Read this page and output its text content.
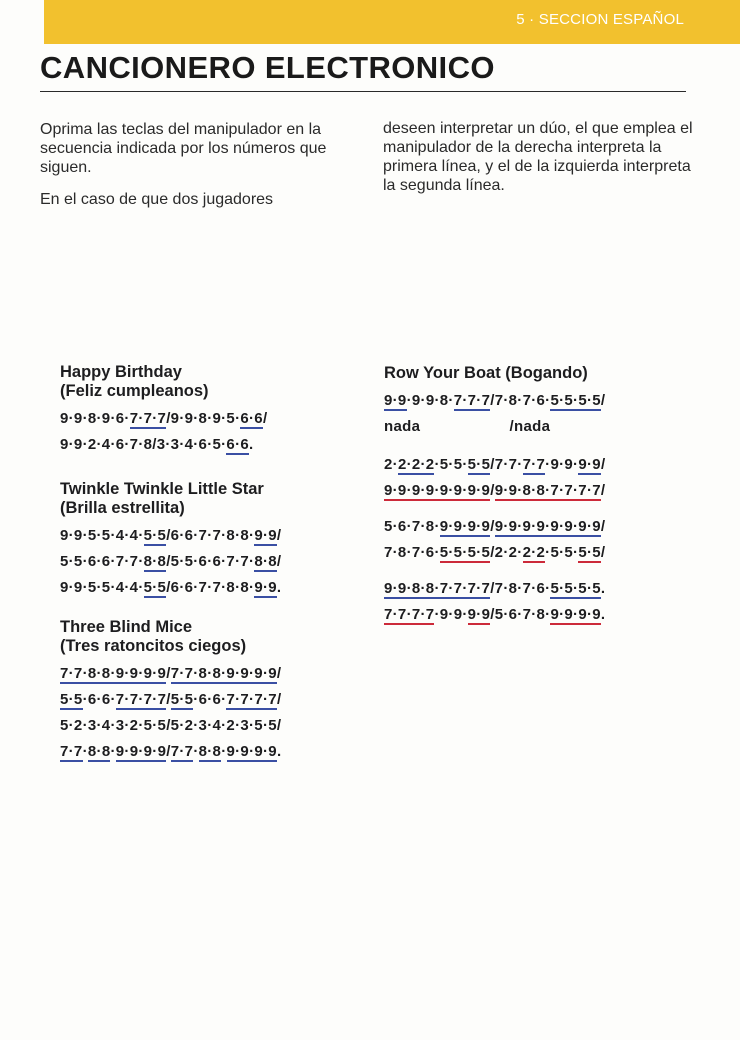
5 · SECCION ESPAÑOL
CANCIONERO ELECTRONICO

Oprima las teclas del manipulador en la secuencia indicada por los números que siguen.

En el caso de que dos jugadores

deseen interpretar un dúo, el que emplea el manipulador de la derecha interpreta la primera línea, y el de la izquierda interpreta la segunda línea.

Happy Birthday
(Feliz cumpleanos)
9·9·8·9·6·7·7·7/9·9·8·9·5·6·6/
9·9·2·4·6·7·8/3·3·4·6·5·6·6.
Twinkle Twinkle Little Star
(Brilla estrellita)
9·9·5·5·4·4·5·5/6·6·7·7·8·8·9·9/
5·5·6·6·7·7·8·8/5·5·6·6·7·7·8·8/
9·9·5·5·4·4·5·5/6·6·7·7·8·8·9·9.
Three Blind Mice
(Tres ratoncitos ciegos)
7·7·8·8·9·9·9·9/7·7·8·8·9·9·9·9/
5·5·6·6·7·7·7·7/5·5·6·6·7·7·7·7/
5·2·3·4·3·2·5·5/5·2·3·4·2·3·5·5/
7·7·8·8·9·9·9·9/7·7·8·8·9·9·9·9.
Row Your Boat (Bogando)
9·9·9·9·8·7·7·7/7·8·7·6·5·5·5·5/
nada                    /nada
2·2·2·2·5·5·5·5/7·7·7·7·9·9·9·9/
9·9·9·9·9·9·9·9/9·9·8·8·7·7·7·7/
5·6·7·8·9·9·9·9/9·9·9·9·9·9·9·9/
7·8·7·6·5·5·5·5/2·2·2·2·5·5·5·5/
9·9·8·8·7·7·7·7/7·8·7·6·5·5·5·5.
7·7·7·7·9·9·9·9/5·6·7·8·9·9·9·9.
